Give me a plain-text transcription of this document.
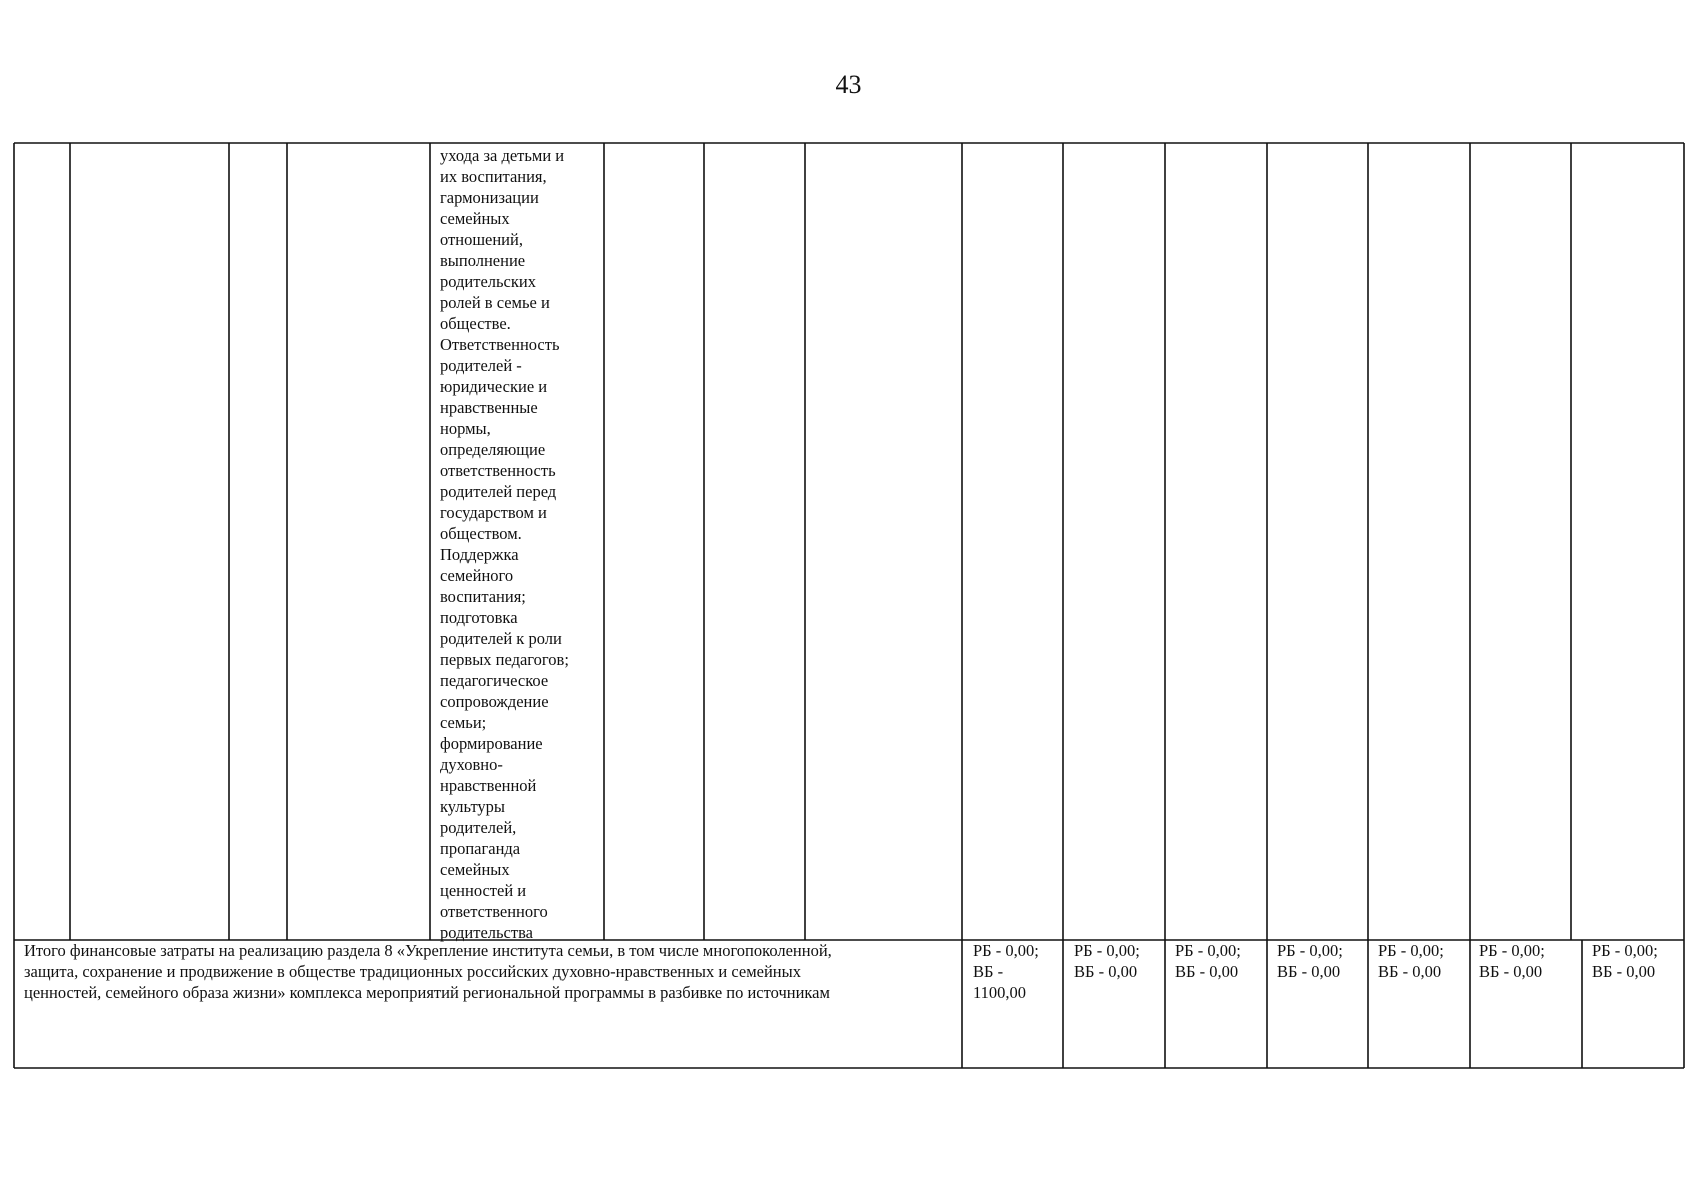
43
ухода за детьми и
их воспитания,
гармонизации
семейных
отношений,
выполнение
родительских
ролей в семье и
обществе.
Ответственность
родителей -
юридические и
нравственные
нормы,
определяющие
ответственность
родителей перед
государством и
обществом.
Поддержка
семейного
воспитания;
подготовка
родителей к роли
первых педагогов;
педагогическое
сопровождение
семьи;
формирование
духовно-
нравственной
культуры
родителей,
пропаганда
семейных
ценностей и
ответственного
родительства
Итого финансовые затраты на реализацию раздела 8 «Укрепление института семьи, в том числе многопоколенной,
защита, сохранение и продвижение в обществе традиционных российских духовно-нравственных и семейных
ценностей, семейного образа жизни» комплекса мероприятий региональной программы в разбивке по источникам
РБ - 0,00;
ВБ -
1100,00
РБ - 0,00;
ВБ - 0,00
РБ - 0,00;
ВБ - 0,00
РБ - 0,00;
ВБ - 0,00
РБ - 0,00;
ВБ - 0,00
РБ - 0,00;
ВБ - 0,00
РБ - 0,00;
ВБ - 0,00
